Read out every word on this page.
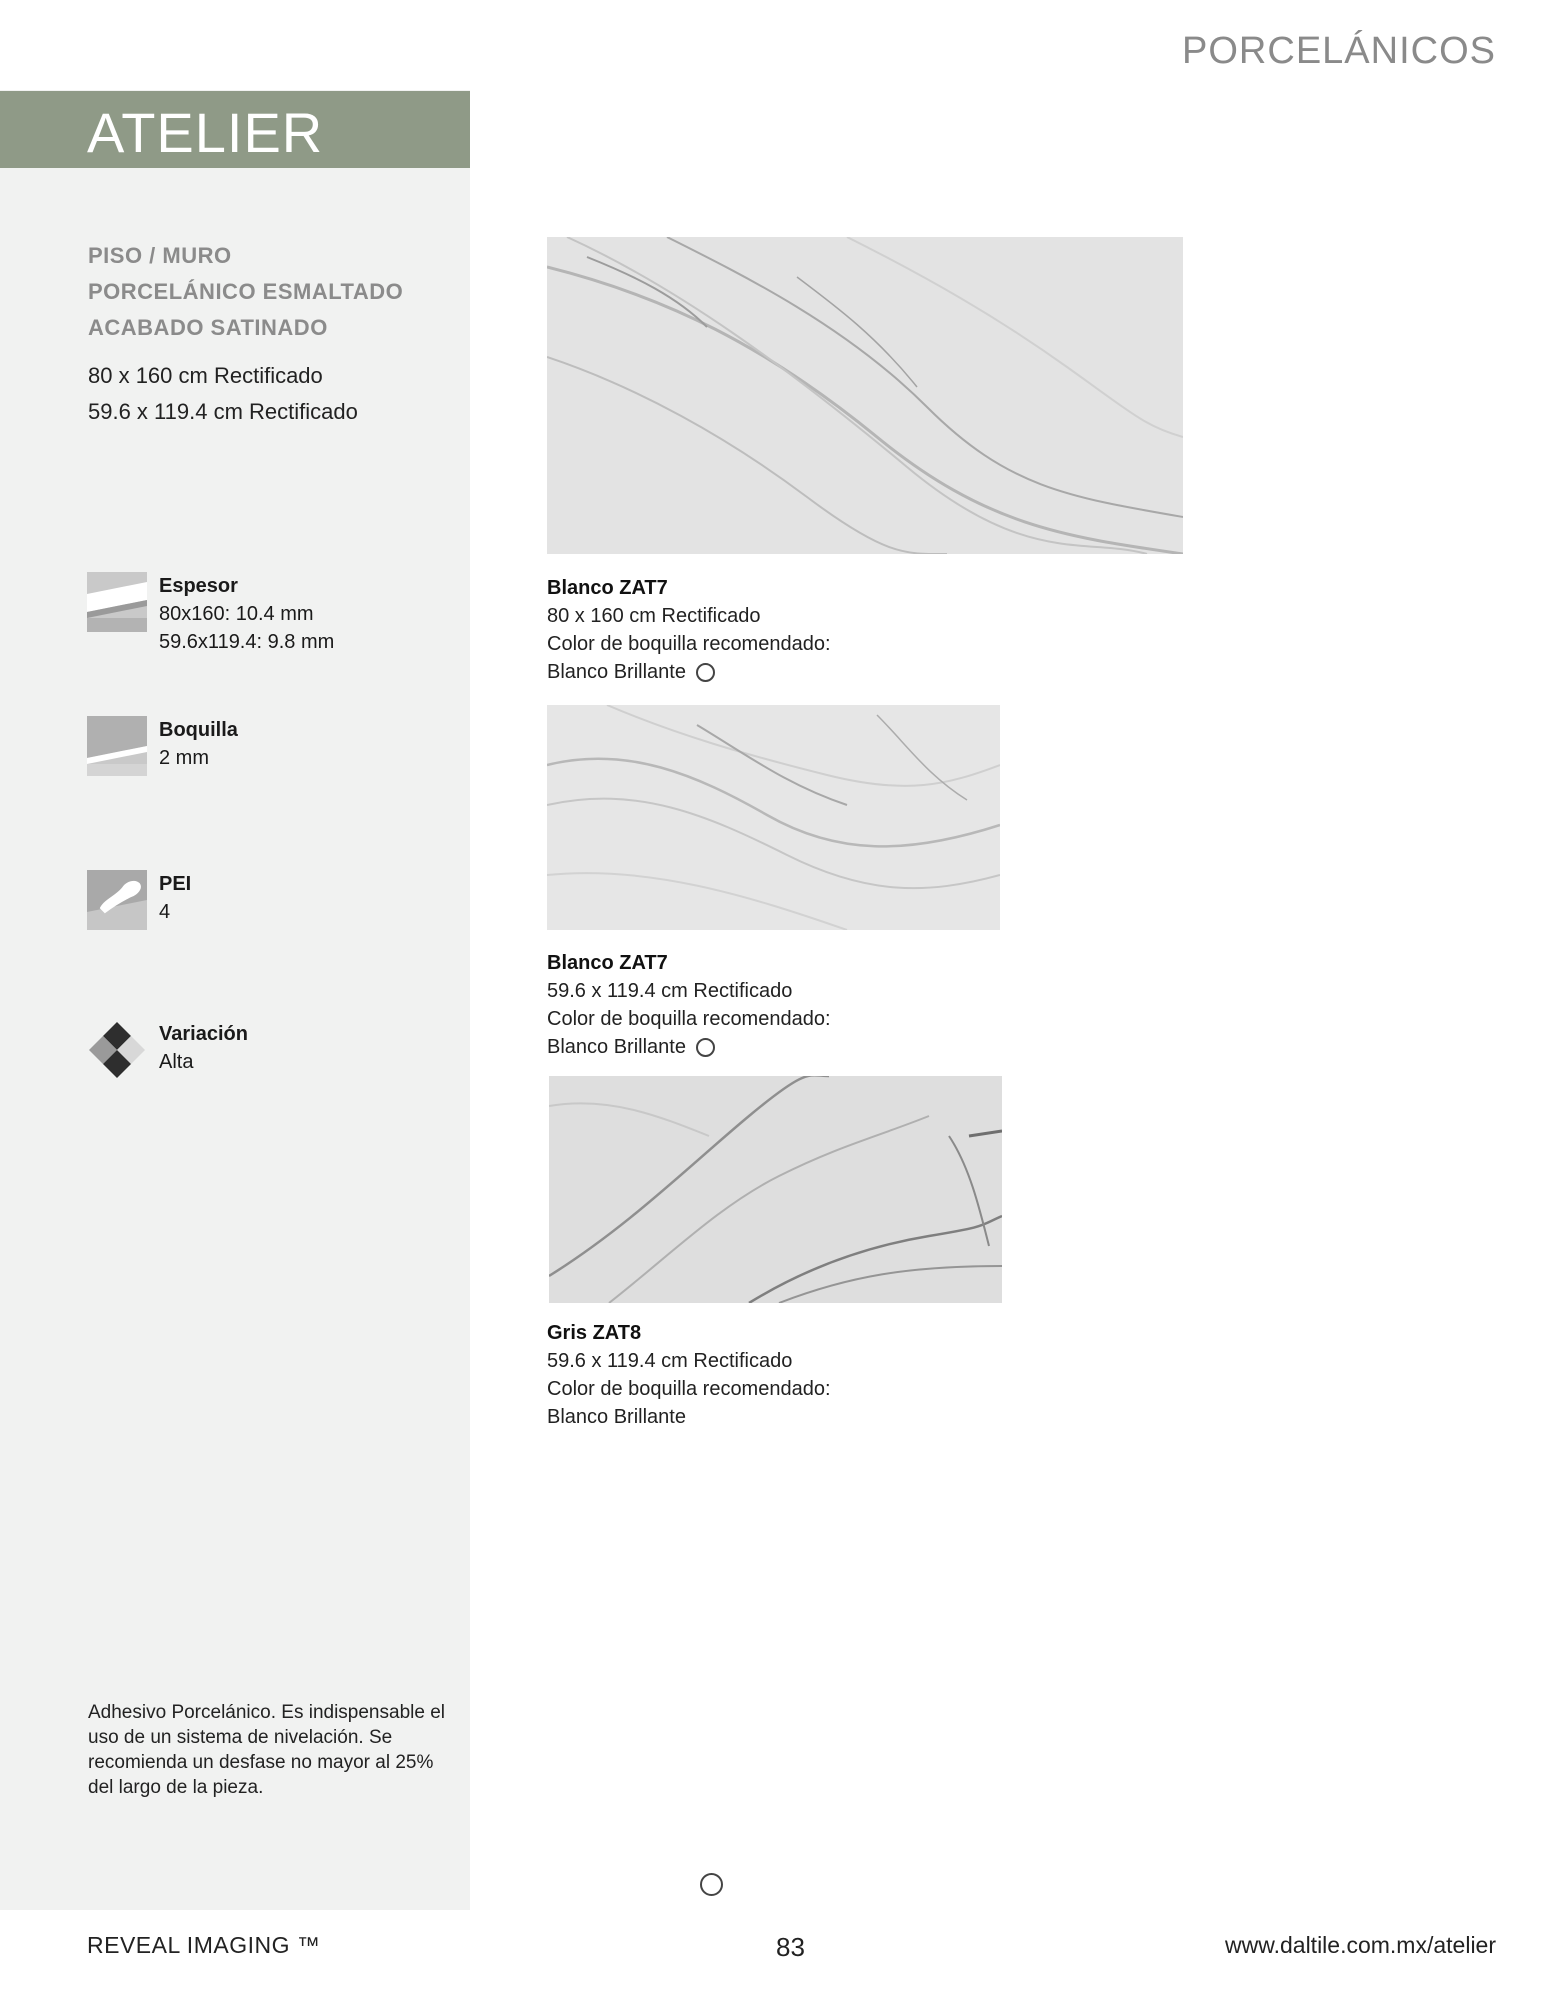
ATELIER
PORCELÁNICOS
PISO / MURO
PORCELÁNICO ESMALTADO
ACABADO SATINADO
80 x 160 cm Rectificado
59.6 x 119.4 cm Rectificado
Espesor
80x160: 10.4 mm
59.6x119.4: 9.8 mm
Boquilla
2 mm
PEI
4
Variación
Alta
Adhesivo Porcelánico. Es indispensable el uso de un sistema de nivelación. Se recomienda un desfase no mayor al 25% del largo de la pieza.
Blanco ZAT7
80 x 160 cm Rectificado
Color de boquilla recomendado:
Blanco Brillante
Blanco ZAT7
59.6 x 119.4 cm Rectificado
Color de boquilla recomendado:
Blanco Brillante
Gris ZAT8
59.6 x 119.4 cm Rectificado
Color de boquilla recomendado:
Blanco Brillante
REVEAL IMAGING ™	83	www.daltile.com.mx/atelier
